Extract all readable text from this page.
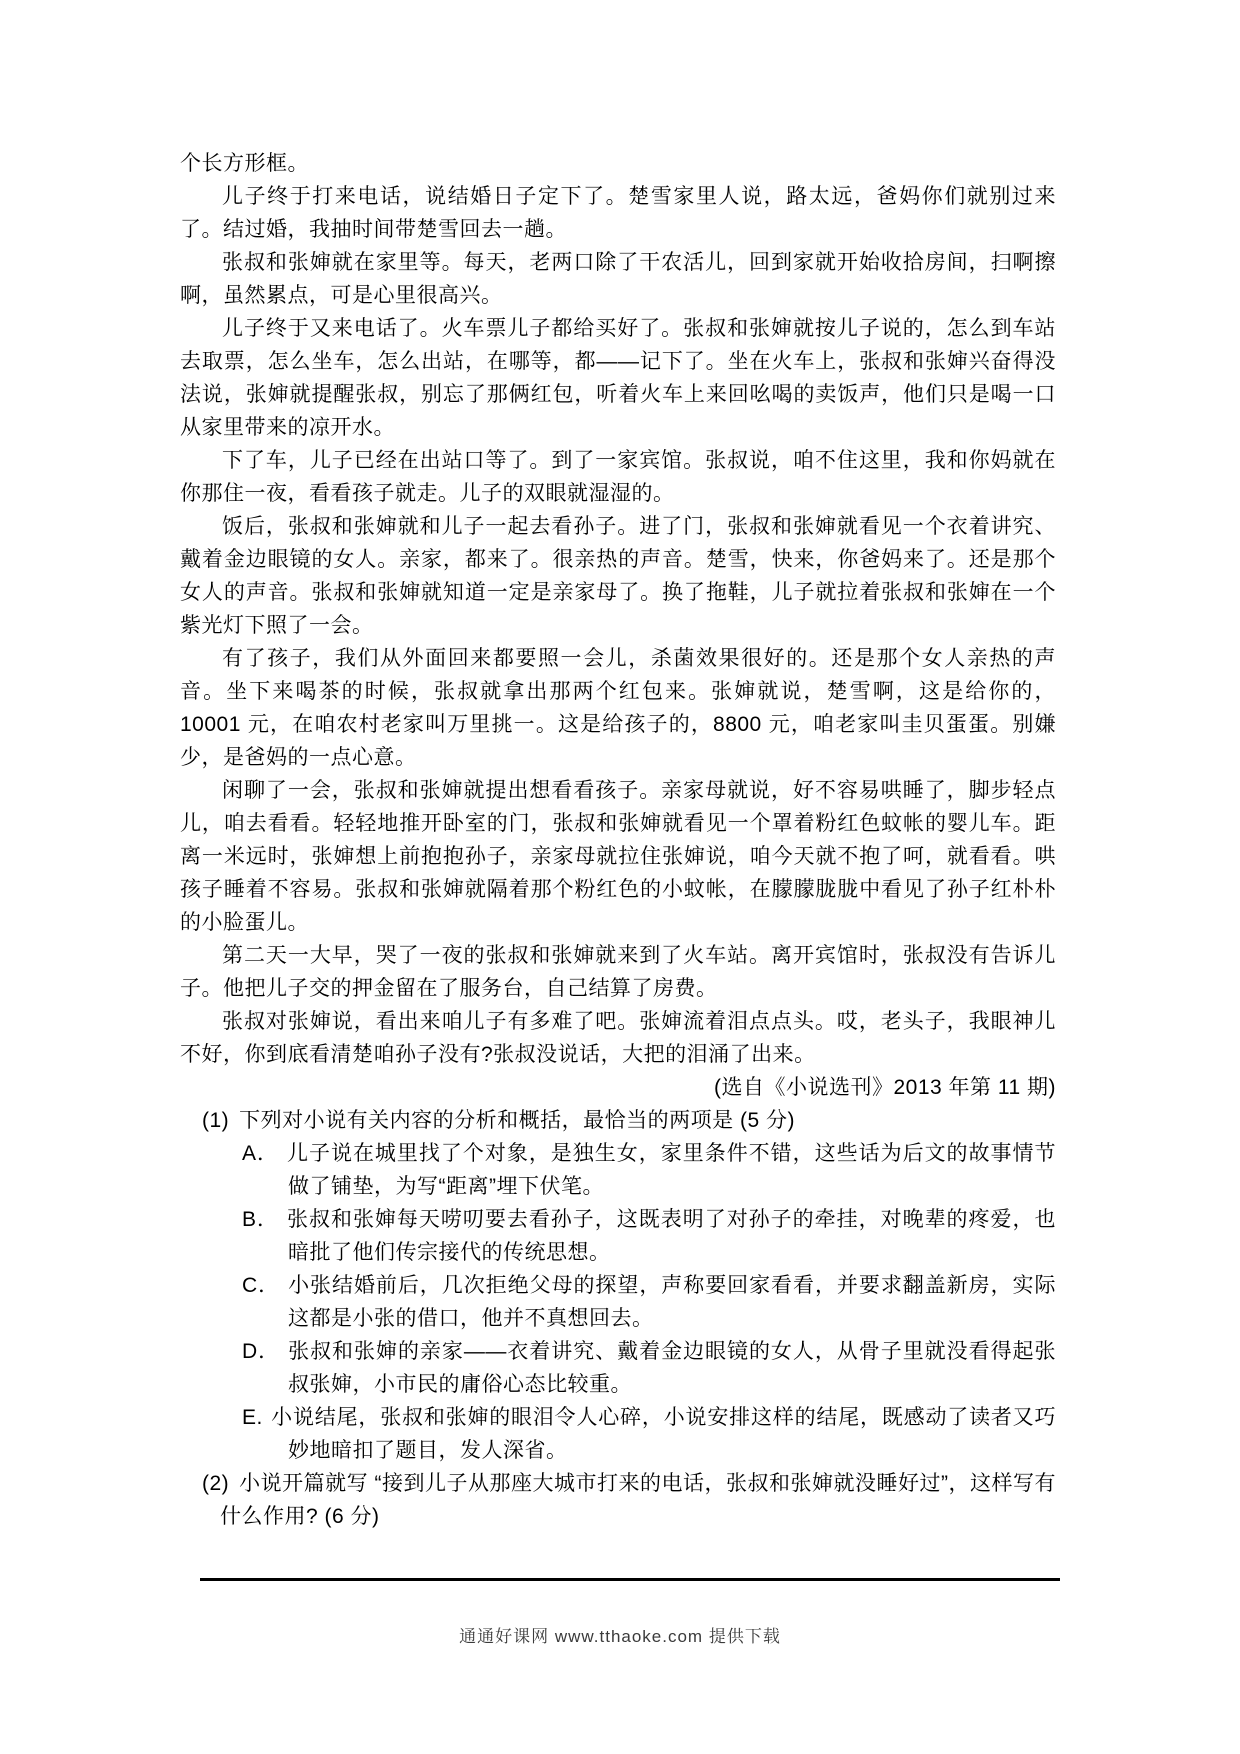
个长方形框。

儿子终于打来电话，说结婚日子定下了。楚雪家里人说，路太远，爸妈你们就别过来了。结过婚，我抽时间带楚雪回去一趟。

张叔和张婶就在家里等。每天，老两口除了干农活儿，回到家就开始收拾房间，扫啊擦啊，虽然累点，可是心里很高兴。

儿子终于又来电话了。火车票儿子都给买好了。张叔和张婶就按儿子说的，怎么到车站去取票，怎么坐车，怎么出站，在哪等，都——记下了。坐在火车上，张叔和张婶兴奋得没法说，张婶就提醒张叔，别忘了那俩红包，听着火车上来回吆喝的卖饭声，他们只是喝一口从家里带来的凉开水。

下了车，儿子已经在出站口等了。到了一家宾馆。张叔说，咱不住这里，我和你妈就在你那住一夜，看看孩子就走。儿子的双眼就湿湿的。

饭后，张叔和张婶就和儿子一起去看孙子。进了门，张叔和张婶就看见一个衣着讲究、戴着金边眼镜的女人。亲家，都来了。很亲热的声音。楚雪，快来，你爸妈来了。还是那个女人的声音。张叔和张婶就知道一定是亲家母了。换了拖鞋，儿子就拉着张叔和张婶在一个紫光灯下照了一会。

有了孩子，我们从外面回来都要照一会儿，杀菌效果很好的。还是那个女人亲热的声音。坐下来喝茶的时候，张叔就拿出那两个红包来。张婶就说，楚雪啊，这是给你的，10001 元，在咱农村老家叫万里挑一。这是给孩子的，8800 元，咱老家叫圭贝蛋蛋。别嫌少，是爸妈的一点心意。

闲聊了一会，张叔和张婶就提出想看看孩子。亲家母就说，好不容易哄睡了，脚步轻点儿，咱去看看。轻轻地推开卧室的门，张叔和张婶就看见一个罩着粉红色蚊帐的婴儿车。距离一米远时，张婶想上前抱抱孙子，亲家母就拉住张婶说，咱今天就不抱了呵，就看看。哄孩子睡着不容易。张叔和张婶就隔着那个粉红色的小蚊帐，在朦朦胧胧中看见了孙子红朴朴的小脸蛋儿。

第二天一大早，哭了一夜的张叔和张婶就来到了火车站。离开宾馆时，张叔没有告诉儿子。他把儿子交的押金留在了服务台，自己结算了房费。

张叔对张婶说，看出来咱儿子有多难了吧。张婶流着泪点点头。哎，老头子，我眼神儿不好，你到底看清楚咱孙子没有?张叔没说话，大把的泪涌了出来。

(选自《小说选刊》2013 年第 11 期)

(1) 下列对小说有关内容的分析和概括，最恰当的两项是 (5 分)
A． 儿子说在城里找了个对象，是独生女，家里条件不错，这些话为后文的故事情节做了铺垫，为写“距离”埋下伏笔。
B． 张叔和张婶每天唠叨要去看孙子，这既表明了对孙子的牵挂，对晚辈的疼爱，也暗批了他们传宗接代的传统思想。
C． 小张结婚前后，几次拒绝父母的探望，声称要回家看看，并要求翻盖新房，实际这都是小张的借口，他并不真想回去。
D． 张叔和张婶的亲家——衣着讲究、戴着金边眼镜的女人，从骨子里就没看得起张叔张婶，小市民的庸俗心态比较重。
E. 小说结尾，张叔和张婶的眼泪令人心碎，小说安排这样的结尾，既感动了读者又巧妙地暗扣了题目，发人深省。
(2) 小说开篇就写 “接到儿子从那座大城市打来的电话，张叔和张婶就没睡好过”，这样写有什么作用? (6 分)
通通好课网 www.tthaoke.com 提供下载
